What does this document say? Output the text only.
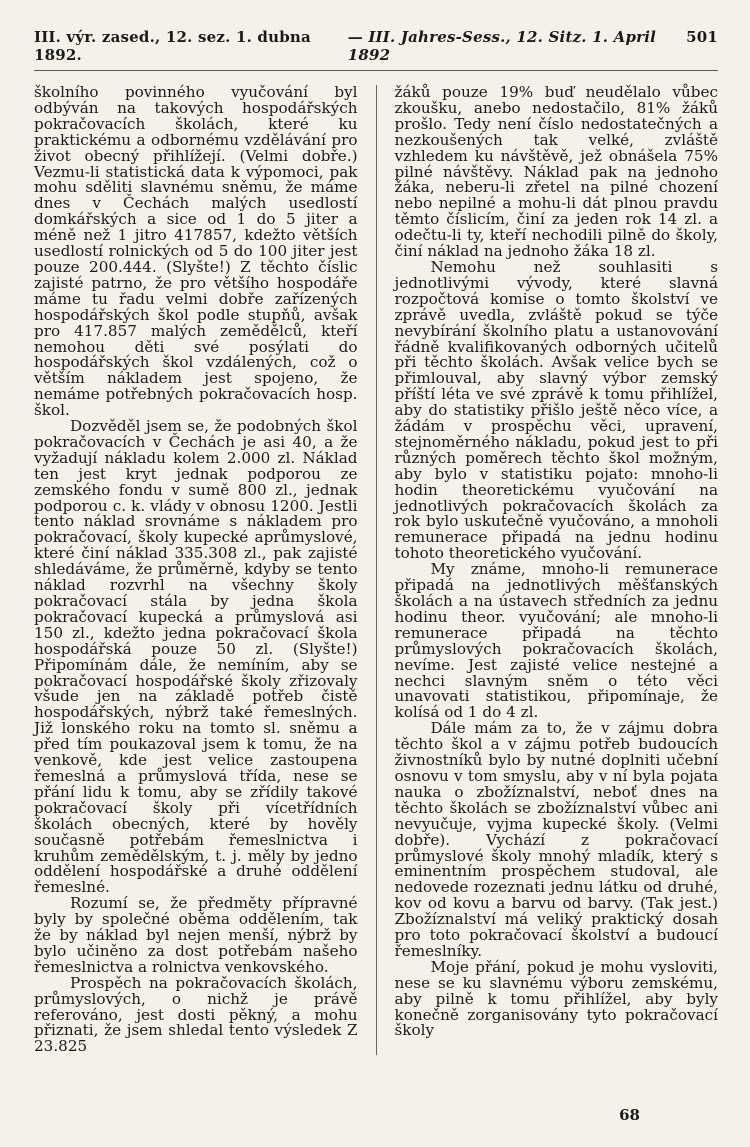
III. výr. zased., 12. sez. 1. dubna 1892.
— III. Jahres-Sess., 12. Sitz. 1. April 1892
501

školního povinného vyučování byl odbýván na takových hospodářských pokračovacích školách, které ku praktickému a odbornému vzdělávání pro život obecný přihlížejí. (Velmi dobře.) Vezmu-li statistická data k výpomoci, pak mohu sděliti slavnému sněmu, že máme dnes v Čechách malých usedlostí domkářských a sice od 1 do 5 jiter a méně než 1 jitro 417857, kdežto větších usedlostí rolnických od 5 do 100 jiter jest pouze 200.444. (Slyšte!) Z těchto číslic zajisté patrno, že pro většího hospodáře máme tu řadu velmi dobře zařízených hospodářských škol podle stupňů, avšak pro 417.857 malých zemědělců, kteří nemohou děti své posýlati do hospodářských škol vzdálených, což o větším nákladem jest spojeno, že nemáme potřebných pokračovacích hosp. škol.

Dozvěděl jsem se, že podobných škol pokračovacích v Čechách je asi 40, a že vyžadují nákladu kolem 2.000 zl. Náklad ten jest kryt jednak podporou ze zemského fondu v sumě 800 zl., jednak podporou c. k. vlády v obnosu 1200. Jestli tento náklad srovnáme s nákladem pro pokračovací, školy kupecké aprůmyslové, které činí náklad 335.308 zl., pak zajisté shledáváme, že průměrně, kdyby se tento náklad rozvrhl na všechny školy pokračovací stála by jedna škola pokračovací kupecká a průmyslová asi 150 zl., kdežto jedna pokračovací škola hospodářská pouze 50 zl. (Slyšte!) Připomínám dále, že nemíním, aby se pokračovací hospodářské školy zřizovaly všude jen na základě potřeb čistě hospodářských, nýbrž také řemeslných. Již lonského roku na tomto sl. sněmu a před tím poukazoval jsem k tomu, že na venkově, kde jest velice zastoupena řemeslná a průmyslová třída, nese se přání lidu k tomu, aby se zřídily takové pokračovací školy při vícetřídních školách obecných, které by hověly současně potřebám řemeslnictva i kruhům zemědělským, t. j. měly by jedno oddělení hospodářské a druhé oddělení řemeslné.

Rozumí se, že předměty přípravné byly by společné oběma oddělením, tak že by náklad byl nejen menší, nýbrž by bylo učiněno za dost potřebám našeho řemeslnictva a rolnictva venkovského.

Prospěch na pokračovacích školách, průmyslových, o nichž je právě referováno, jest dosti pěkný, a mohu přiznati, že jsem shledal tento výsledek Z 23.825

žáků pouze 19% buď neudělalo vůbec zkoušku, anebo nedostačilo, 81% žáků prošlo. Tedy není číslo nedostatečných a nezkoušených tak velké, zvláště vzhledem ku návštěvě, jež obnášela 75% pilné návštěvy. Náklad pak na jednoho žáka, neberu-li zřetel na pilné chození nebo nepilné a mohu-li dát plnou pravdu těmto číslicím, činí za jeden rok 14 zl. a odečtu-li ty, kteří nechodili pilně do školy, činí náklad na jednoho žáka 18 zl.

Nemohu než souhlasiti s jednotlivými vývody, které slavná rozpočtová komise o tomto školství ve zprávě uvedla, zvláště pokud se týče nevybírání školního platu a ustanovování řádně kvalifikovaných odborných učitelů při těchto školách. Avšak velice bych se přimlouval, aby slavný výbor zemský příští léta ve své zprávě k tomu přihlížel, aby do statistiky přišlo ještě něco více, a žádám v prospěchu věci, upravení, stejnoměrného nákladu, pokud jest to při různých poměrech těchto škol možným, aby bylo v statistiku pojato: mnoho-li hodin theoretickému vyučování na jednotlivých pokračovacích školách za rok bylo uskutečně vyučováno, a mnoholi remunerace připadá na jednu hodinu tohoto theoretického vyučování.

My známe, mnoho-li remunerace připadá na jednotlivých měšťanských školách a na ústavech středních za jednu hodinu theor. vyučování; ale mnoho-li remunerace připadá na těchto průmyslových pokračovacích školách, nevíme. Jest zajisté velice nestejné a nechci slavným sněm o této věci unavovati statistikou, připomínaje, že kolísá od 1 do 4 zl.

Dále mám za to, že v zájmu dobra těchto škol a v zájmu potřeb budoucích živnostníků bylo by nutné doplniti učební osnovu v tom smyslu, aby v ní byla pojata nauka o zbožíznalství, neboť dnes na těchto školách se zbožíznalství vůbec ani nevyučuje, vyjma kupecké školy. (Velmi dobře). Vychází z pokračovací průmyslové školy mnohý mladík, který s eminentním prospěchem studoval, ale nedovede rozeznati jednu látku od druhé, kov od kovu a barvu od barvy. (Tak jest.) Zbožíznalství má veliký praktický dosah pro toto pokračovací školství a budoucí řemeslníky.

Moje přání, pokud je mohu vysloviti, nese se ku slavnému výboru zemskému, aby pilně k tomu přihlížel, aby byly konečně zorganisovány tyto pokračovací školy

68
